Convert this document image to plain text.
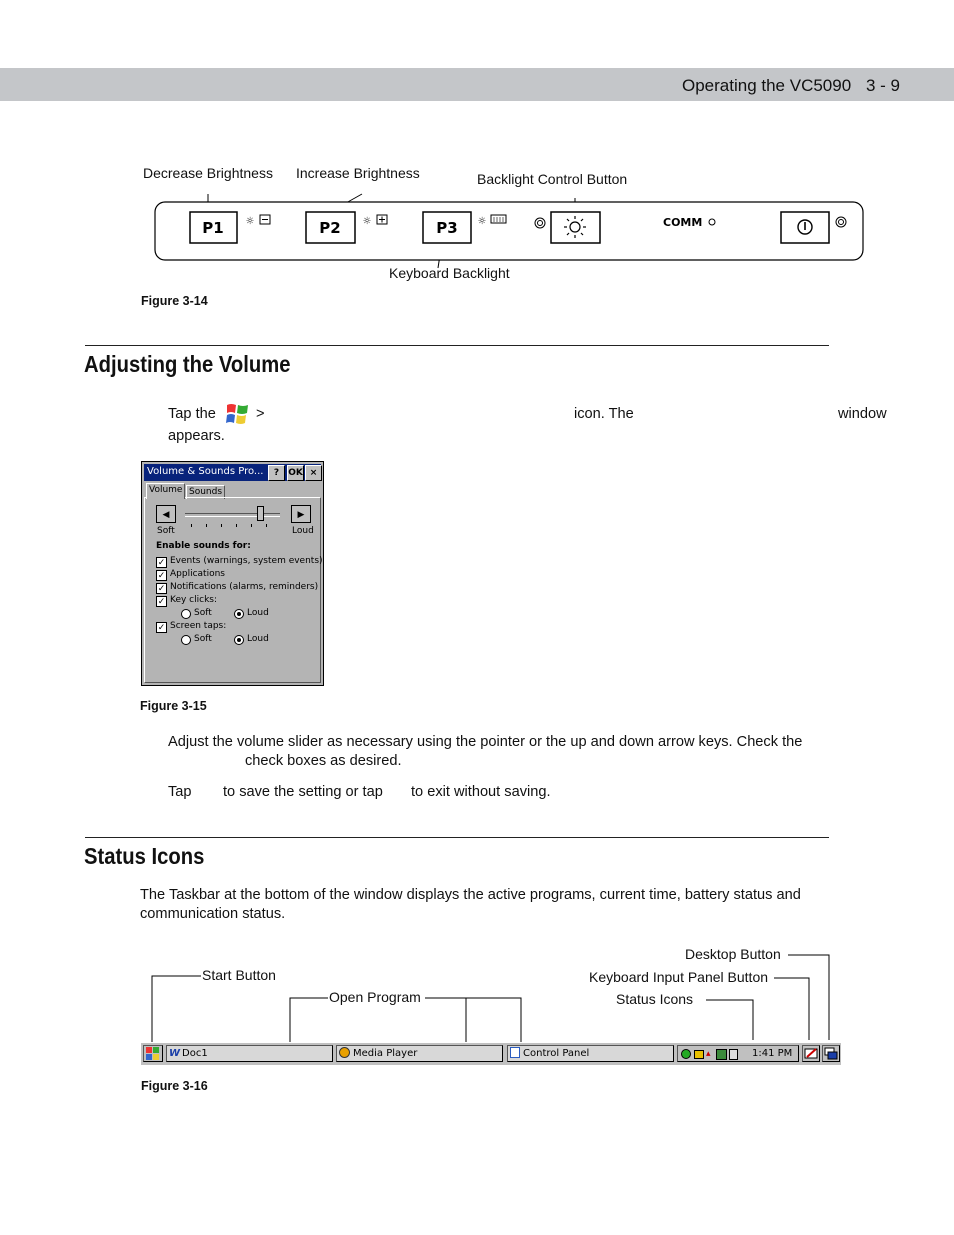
Operating the VC5090 3 - 9
Decrease Brightness Increase Brightness	Backlight Control Button
Keyboard Backlight
P1 ☼	P2 ☼	P3 ☼	COMM
Figure 3-14
Adjusting the Volume
Tap the	>	icon. The	window
appears.
Volume & Sounds Pro...	?	OK ×
Volume Sounds
◀	▶
Soft	Loud
Enable sounds for:
✓ Events (warnings, system events)
✓ Applications
✓ Notifications (alarms, reminders)
✓ Key clicks:
Soft	Loud
✓ Screen taps:
Soft	Loud
Figure 3-15
Adjust the volume slider as necessary using the pointer or the up and down arrow keys. Check the
check boxes as desired.
Tap to save the setting or tap to exit without saving.
Status Icons
The Taskbar at the bottom of the window displays the active programs, current time, battery status and
communication status.
Desktop Button
Keyboard Input Panel Button
Status Icons
Start Button
Open Program
W Doc1	Media Player	Control Panel	▴	1:41 PM
Figure 3-16
